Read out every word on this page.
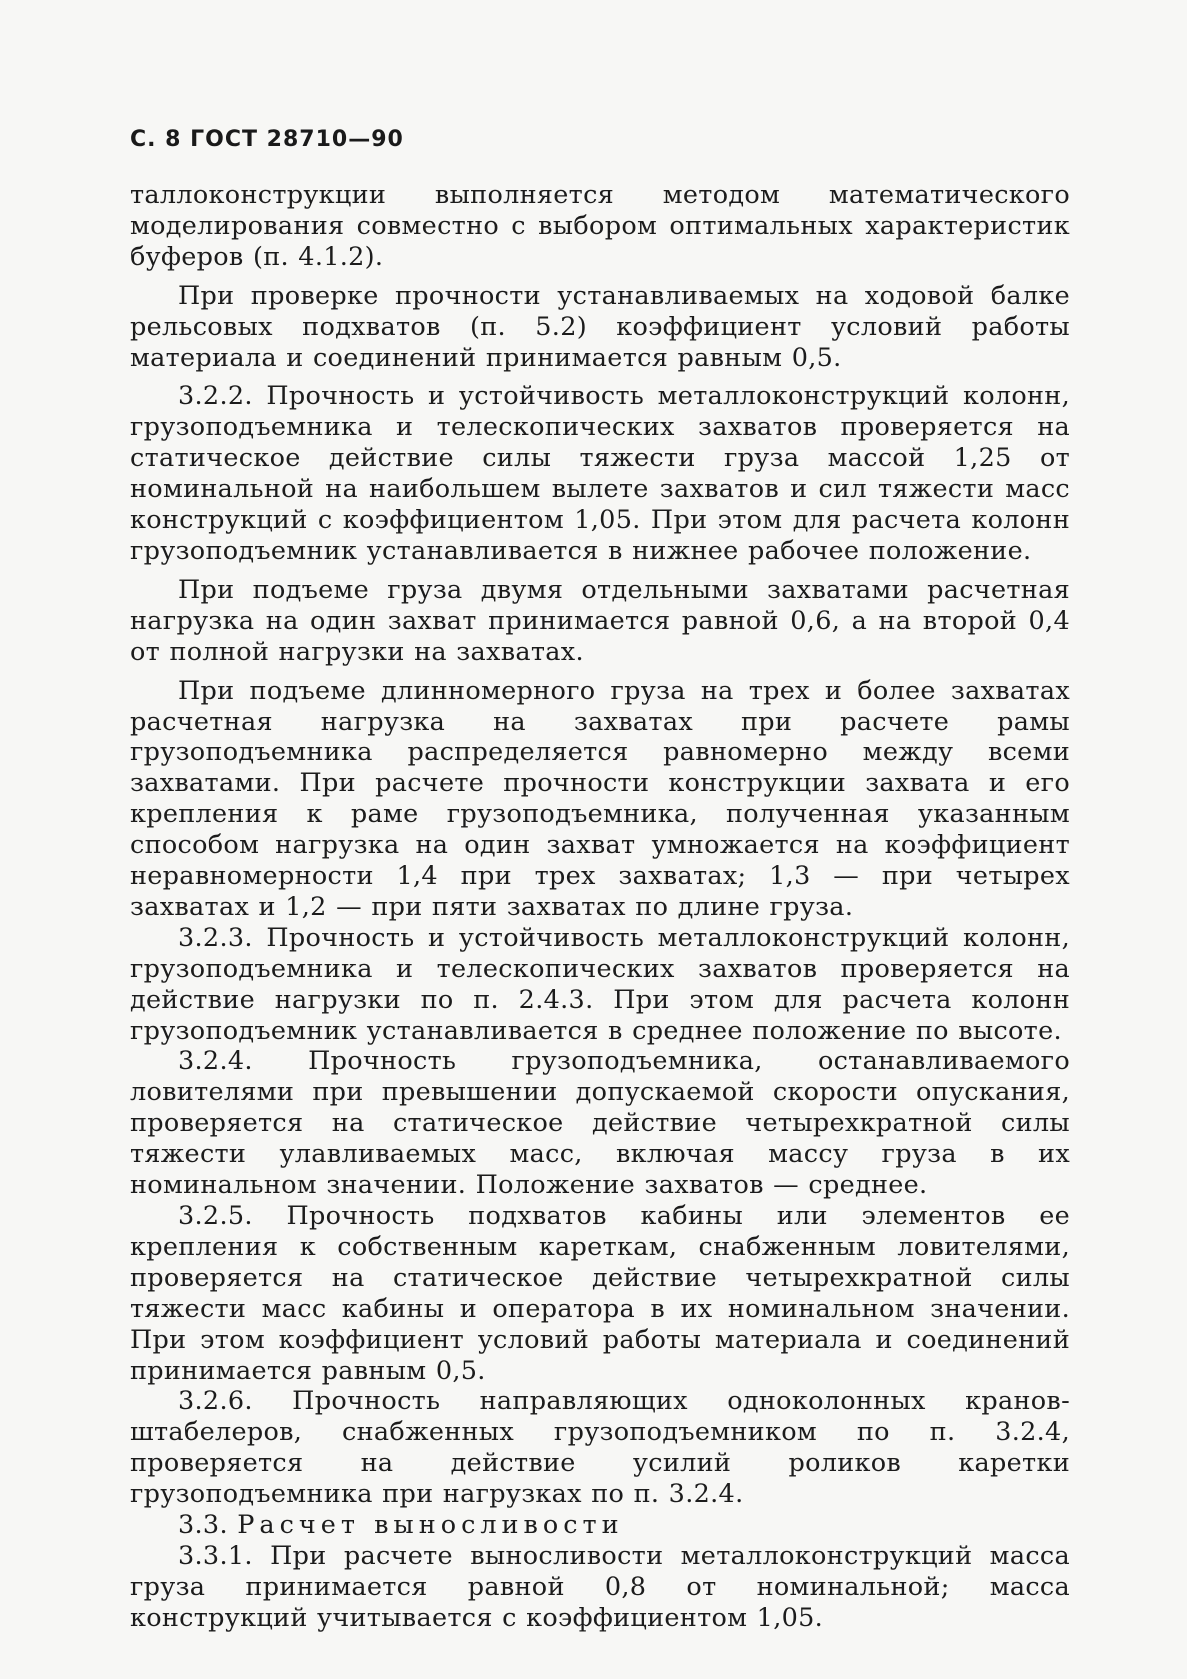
С. 8 ГОСТ 28710—90

таллоконструкции выполняется методом математического моделирования совместно с выбором оптимальных характеристик буферов (п. 4.1.2).

При проверке прочности устанавливаемых на ходовой балке рельсовых подхватов (п. 5.2) коэффициент условий работы материала и соединений принимается равным 0,5.

3.2.2. Прочность и устойчивость металлоконструкций колонн, грузоподъемника и телескопических захватов проверяется на статическое действие силы тяжести груза массой 1,25 от номинальной на наибольшем вылете захватов и сил тяжести масс конструкций с коэффициентом 1,05. При этом для расчета колонн грузоподъемник устанавливается в нижнее рабочее положение.

При подъеме груза двумя отдельными захватами расчетная нагрузка на один захват принимается равной 0,6, а на второй 0,4 от полной нагрузки на захватах.

При подъеме длинномерного груза на трех и более захватах расчетная нагрузка на захватах при расчете рамы грузоподъемника распределяется равномерно между всеми захватами. При расчете прочности конструкции захвата и его крепления к раме грузоподъемника, полученная указанным способом нагрузка на один захват умножается на коэффициент неравномерности 1,4 при трех захватах; 1,3 — при четырех захватах и 1,2 — при пяти захватах по длине груза.

3.2.3. Прочность и устойчивость металлоконструкций колонн, грузоподъемника и телескопических захватов проверяется на действие нагрузки по п. 2.4.3. При этом для расчета колонн грузоподъемник устанавливается в среднее положение по высоте.

3.2.4. Прочность грузоподъемника, останавливаемого ловителями при превышении допускаемой скорости опускания, проверяется на статическое действие четырехкратной силы тяжести улавливаемых масс, включая массу груза в их номинальном значении. Положение захватов — среднее.

3.2.5. Прочность подхватов кабины или элементов ее крепления к собственным кареткам, снабженным ловителями, проверяется на статическое действие четырехкратной силы тяжести масс кабины и оператора в их номинальном значении. При этом коэффициент условий работы материала и соединений принимается равным 0,5.

3.2.6. Прочность направляющих одноколонных кранов-штабелеров, снабженных грузоподъемником по п. 3.2.4, проверяется на действие усилий роликов каретки грузоподъемника при нагрузках по п. 3.2.4.

3.3. Расчет выносливости

3.3.1. При расчете выносливости металлоконструкций масса груза принимается равной 0,8 от номинальной; масса конструкций учитывается с коэффициентом 1,05.
